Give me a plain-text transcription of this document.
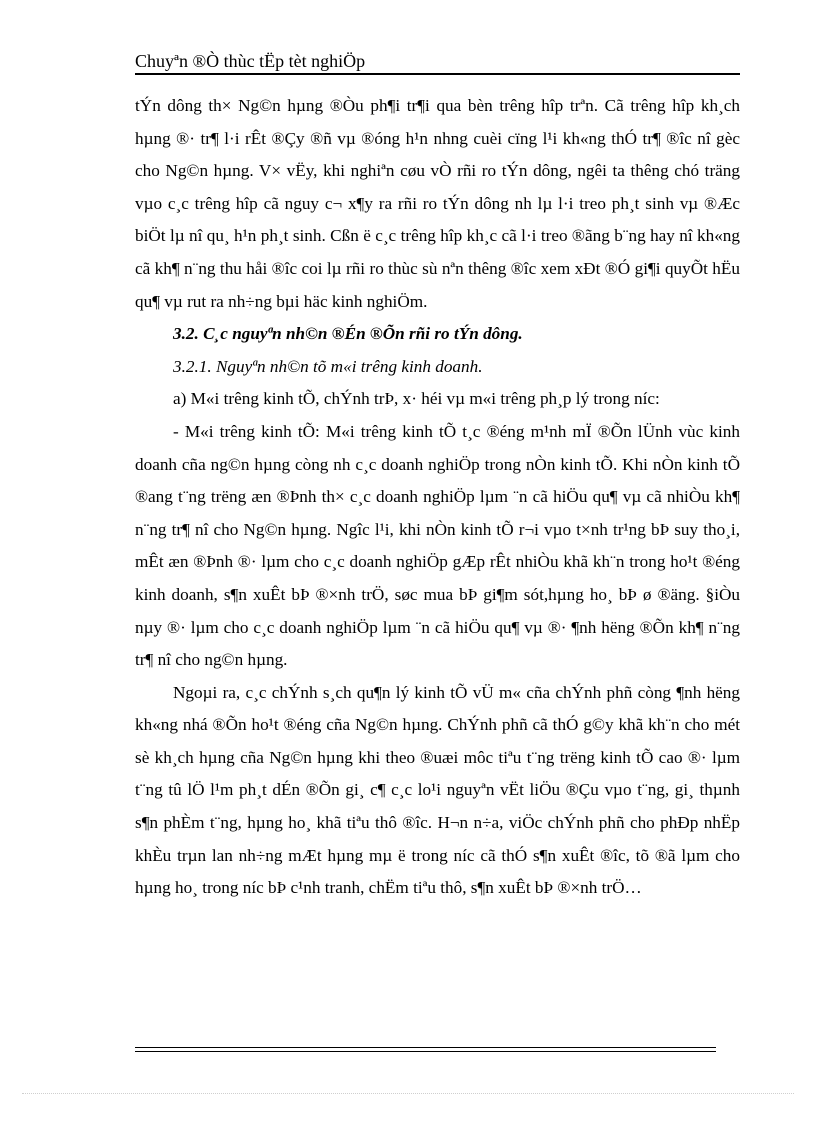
Chuyªn ®Ò thùc tËp tèt nghiÖp

tÝn dông th× Ng©n hµng ®Òu ph¶i tr¶i qua bèn trêng hîp trªn. Cã trêng hîp kh¸ch hµng ®· tr¶ l·i rÊt ®Çy ®ñ vµ ®óng h¹n nhng cuèi cïng l¹i kh«ng thÓ tr¶ ®îc nî gèc cho Ng©n hµng. V× vËy, khi nghiªn cøu vÒ rñi ro tÝn dông, ngêi ta thêng chó träng vµo c¸c trêng hîp cã nguy c¬ x¶y ra rñi ro tÝn dông nh lµ l·i treo ph¸t sinh vµ ®Æc biÖt lµ nî qu¸ h¹n ph¸t sinh. Cßn ë c¸c trêng hîp kh¸c cã l·i treo ®ãng b¨ng hay nî kh«ng cã kh¶ n¨ng thu håi ®îc coi lµ rñi ro thùc sù nªn thêng ®îc xem xÐt ®Ó gi¶i quyÕt hËu qu¶ vµ rut ra nh÷ng bµi häc kinh nghiÖm.

3.2. C¸c nguyªn nh©n ®Én ®Õn rñi ro tÝn dông.

3.2.1. Nguyªn nh©n tõ m«i trêng kinh doanh.

a) M«i trêng kinh tÕ, chÝnh trÞ, x· héi vµ m«i trêng ph¸p lý trong níc:

- M«i trêng kinh tÕ: M«i trêng kinh tÕ t¸c ®éng m¹nh mÏ ®Õn lÜnh vùc kinh doanh cña ng©n hµng còng nh c¸c doanh nghiÖp trong nÒn kinh tÕ. Khi nÒn kinh tÕ ®ang t¨ng trëng æn ®Þnh th× c¸c doanh nghiÖp lµm ¨n cã hiÖu qu¶ vµ cã nhiÒu kh¶ n¨ng tr¶ nî cho Ng©n hµng. Ngîc l¹i, khi nÒn kinh tÕ r¬i vµo t×nh tr¹ng bÞ suy tho¸i, mÊt æn ®Þnh ®· lµm cho c¸c doanh nghiÖp gÆp rÊt nhiÒu khã kh¨n trong ho¹t ®éng kinh doanh, s¶n xuÊt bÞ ®×nh trÖ, søc mua bÞ gi¶m sót,hµng ho¸ bÞ ø ®äng. §iÒu nµy ®· lµm cho c¸c doanh nghiÖp lµm ¨n cã hiÖu qu¶ vµ ®· ¶nh hëng ®Õn kh¶ n¨ng tr¶ nî cho ng©n hµng.

Ngoµi ra, c¸c chÝnh s¸ch qu¶n lý kinh tÕ vÜ m« cña chÝnh phñ còng ¶nh hëng kh«ng nhá ®Õn ho¹t ®éng cña Ng©n hµng. ChÝnh phñ cã thÓ g©y khã kh¨n cho mét sè kh¸ch hµng cña Ng©n hµng khi theo ®uæi môc tiªu t¨ng trëng kinh tÕ cao ®· lµm t¨ng tû lÖ l¹m ph¸t dÉn ®Õn gi¸ c¶ c¸c lo¹i nguyªn vËt liÖu ®Çu vµo t¨ng, gi¸ thµnh s¶n phÈm t¨ng, hµng ho¸ khã tiªu thô ®îc. H¬n n÷a, viÖc chÝnh phñ cho phÐp nhËp khÈu trµn lan nh÷ng mÆt hµng mµ ë trong níc cã thÓ s¶n xuÊt ®îc, tõ ®ã lµm cho hµng ho¸ trong níc bÞ c¹nh tranh, chËm tiªu thô, s¶n xuÊt bÞ ®×nh trÖ…
